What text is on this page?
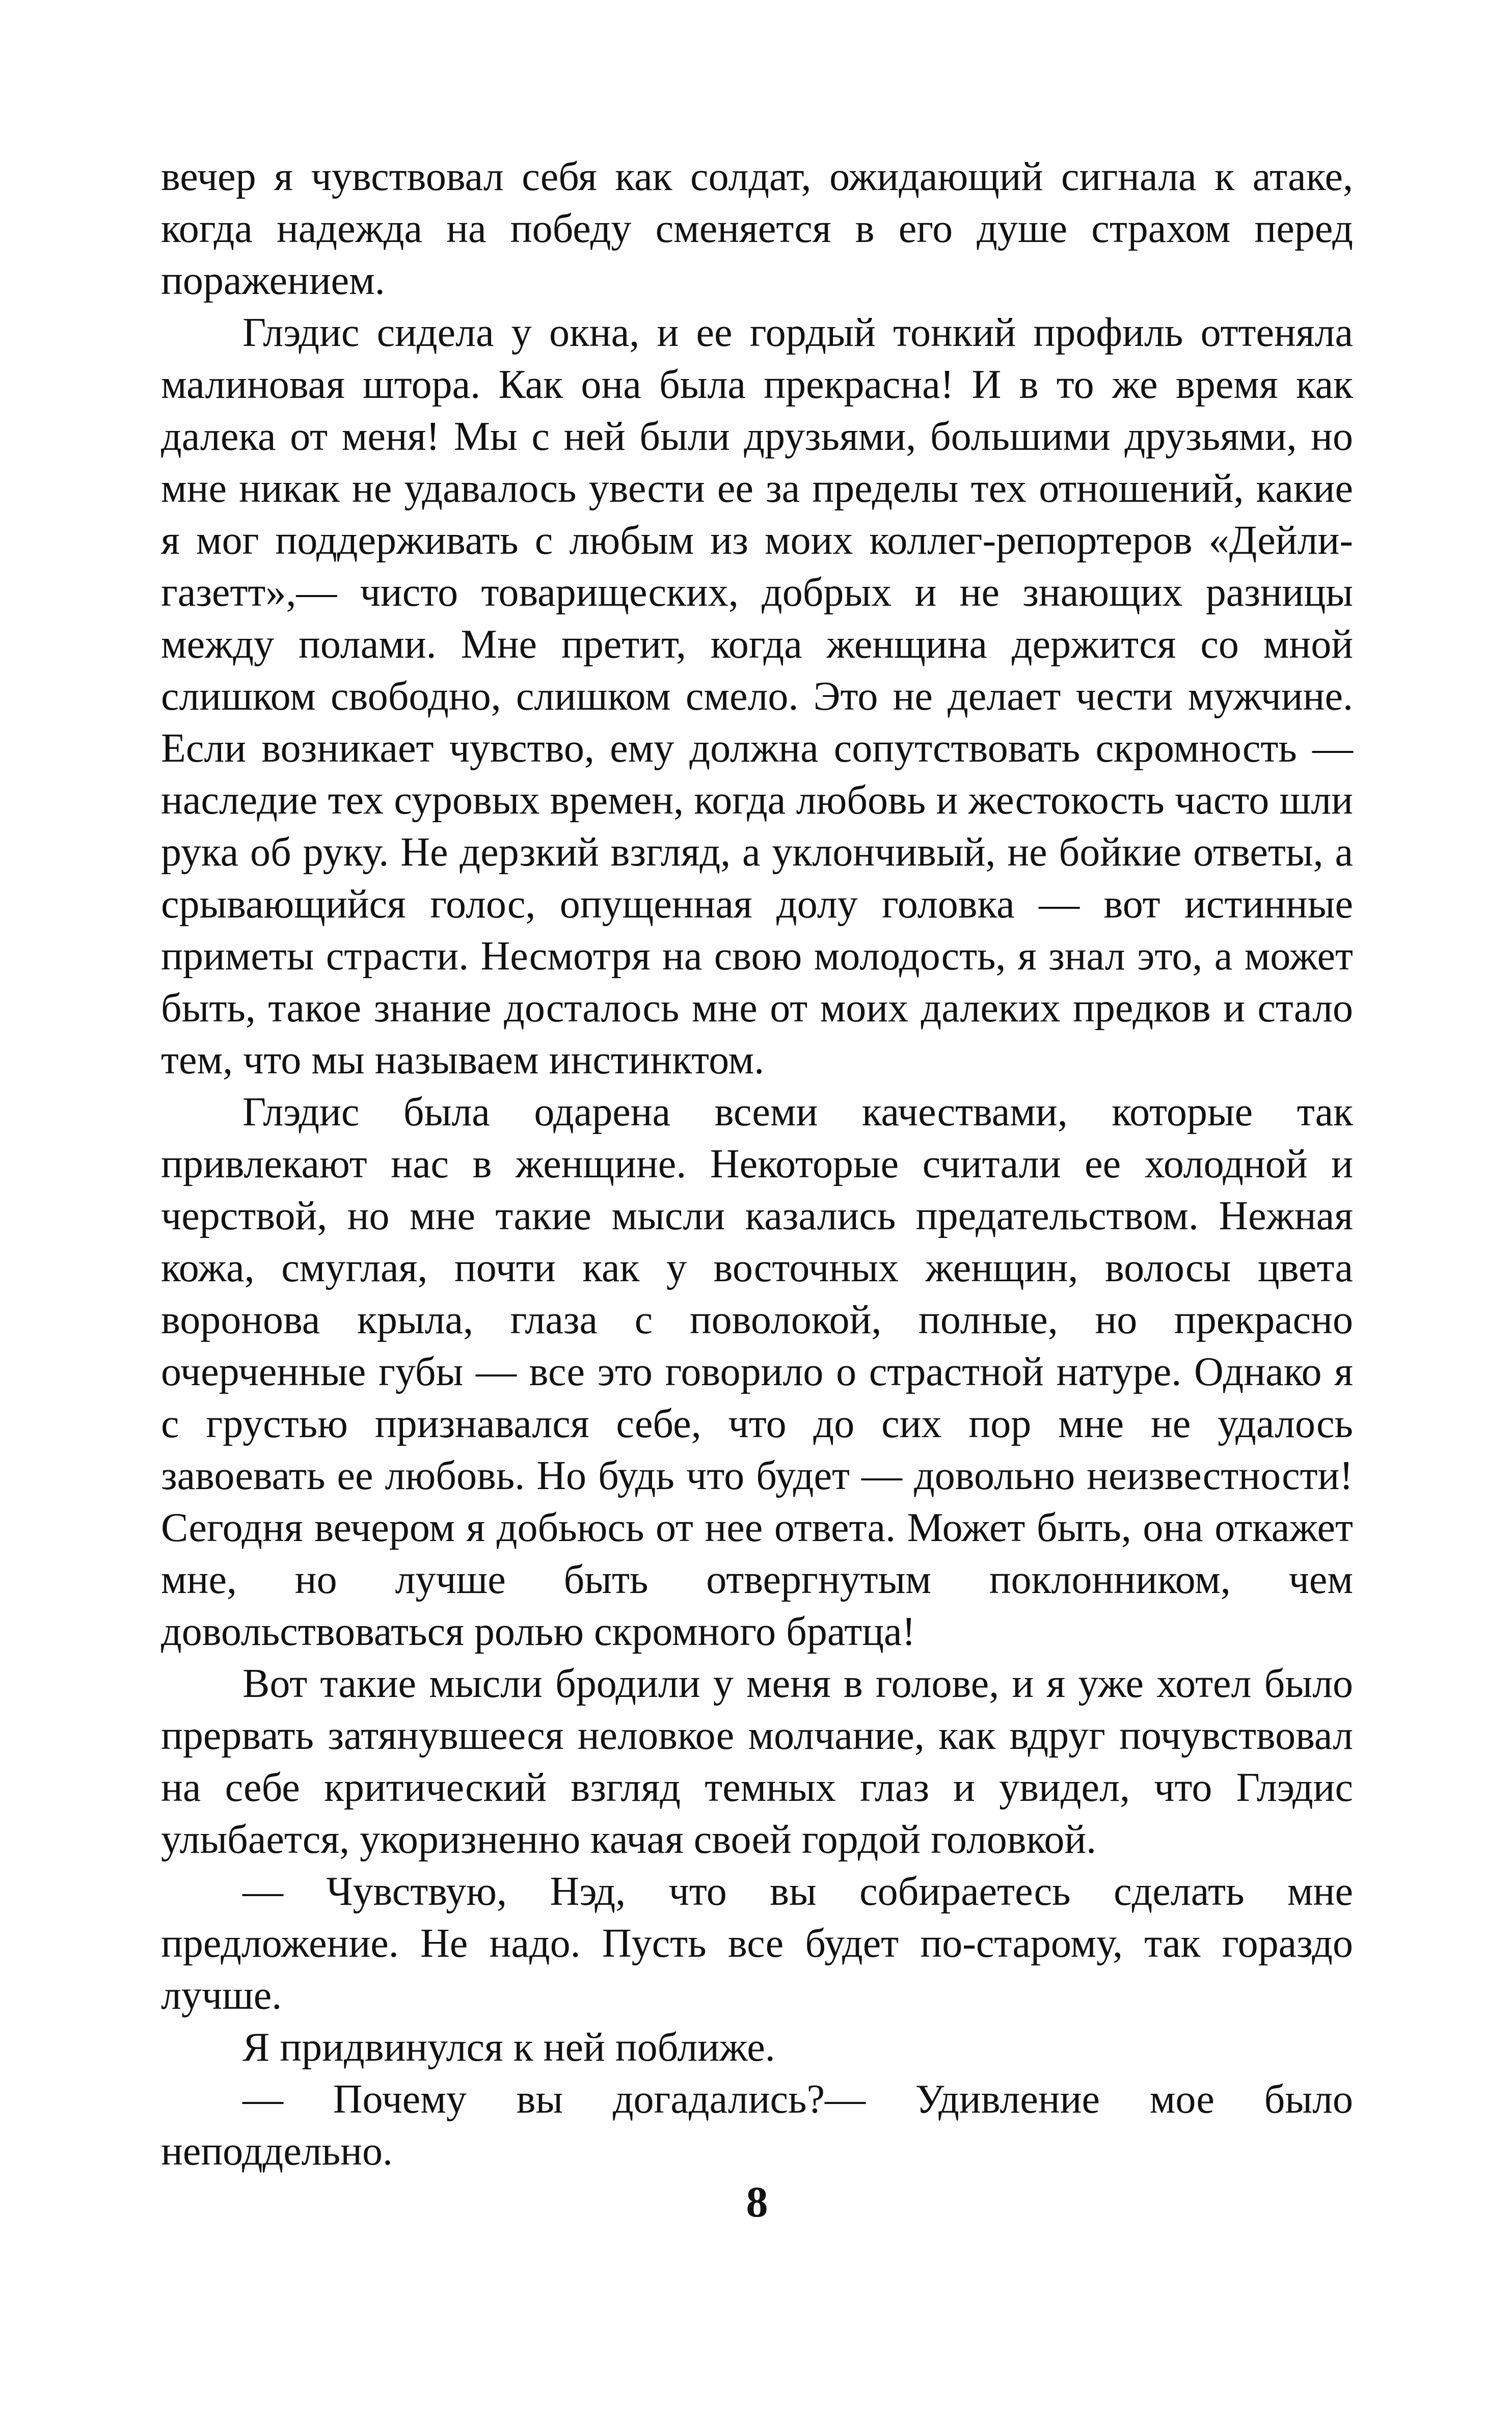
вечер я чувствовал себя как солдат, ожидающий сигнала к атаке, когда надежда на победу сменяется в его душе страхом перед поражением.

Глэдис сидела у окна, и ее гордый тонкий профиль оттеняла малиновая штора. Как она была прекрасна! И в то же время как далека от меня! Мы с ней были друзьями, большими друзьями, но мне никак не удавалось увести ее за пределы тех отношений, какие я мог поддерживать с любым из моих коллег-репортеров «Дейли-газетт»,— чисто товарищеских, добрых и не знающих разницы между полами. Мне претит, когда женщина держится со мной слишком свободно, слишком смело. Это не делает чести мужчине. Если возникает чувство, ему должна сопутствовать скромность — наследие тех суровых времен, когда любовь и жестокость часто шли рука об руку. Не дерзкий взгляд, а уклончивый, не бойкие ответы, а срывающийся голос, опущенная долу головка — вот истинные приметы страсти. Несмотря на свою молодость, я знал это, а может быть, такое знание досталось мне от моих далеких предков и стало тем, что мы называем инстинктом.

Глэдис была одарена всеми качествами, которые так привлекают нас в женщине. Некоторые считали ее холодной и черствой, но мне такие мысли казались предательством. Нежная кожа, смуглая, почти как у восточных женщин, волосы цвета воронова крыла, глаза с поволокой, полные, но прекрасно очерченные губы — все это говорило о страстной натуре. Однако я с грустью признавался себе, что до сих пор мне не удалось завоевать ее любовь. Но будь что будет — довольно неизвестности! Сегодня вечером я добьюсь от нее ответа. Может быть, она откажет мне, но лучше быть отвергнутым поклонником, чем довольствоваться ролью скромного братца!

Вот такие мысли бродили у меня в голове, и я уже хотел было прервать затянувшееся неловкое молчание, как вдруг почувствовал на себе критический взгляд темных глаз и увидел, что Глэдис улыбается, укоризненно качая своей гордой головкой.

— Чувствую, Нэд, что вы собираетесь сделать мне предложение. Не надо. Пусть все будет по-старому, так гораздо лучше.

Я придвинулся к ней поближе.

— Почему вы догадались?— Удивление мое было неподдельно.

8
